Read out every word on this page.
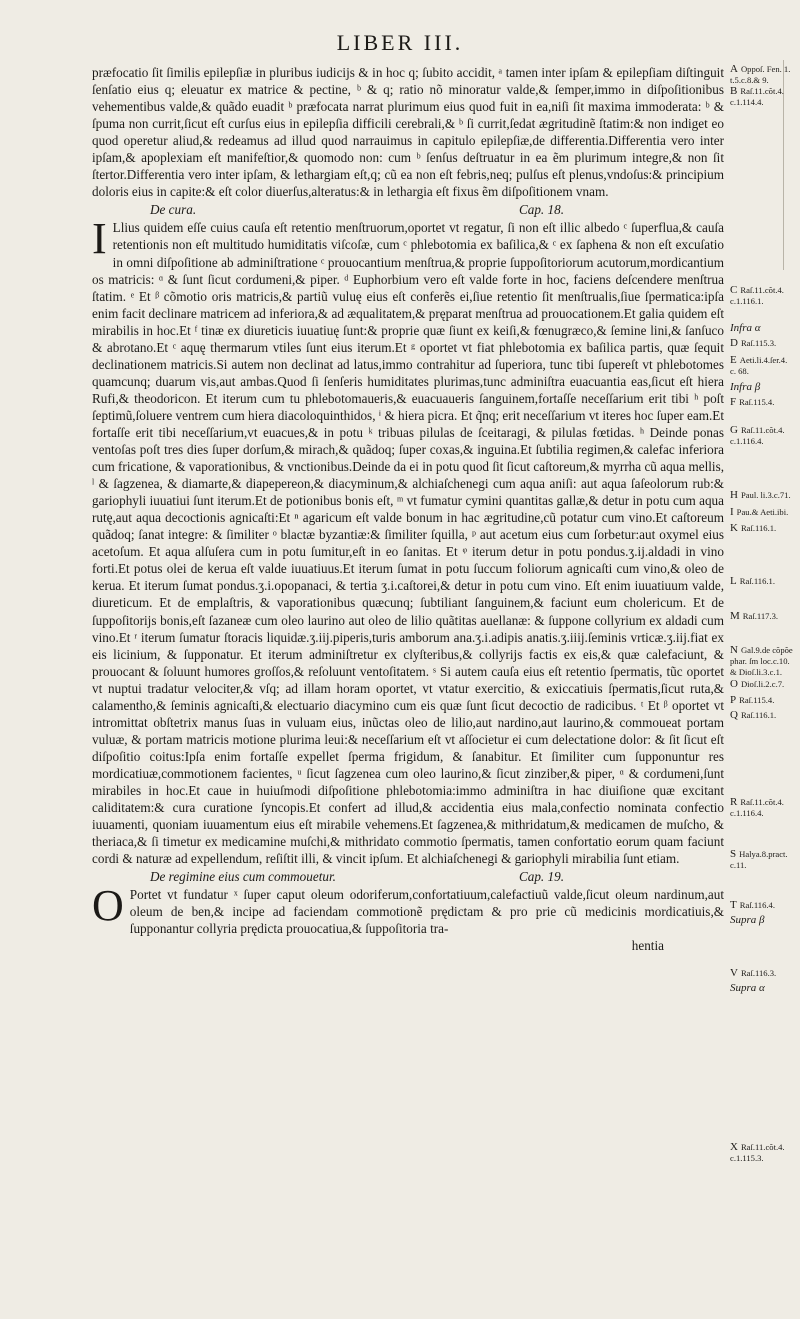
LIBER III.

præfocatio ſit ſimilis epilepſiæ in pluribus iudicijs & in hoc q; ſubito accidit, ᵃ tamen inter ipſam & epilepſiam diſtinguit ſenſatio eius q; eleuatur ex matrice & pectine, ᵇ & q; ratio nõ minoratur valde,& ſemper,immo in diſpoſitionibus vehementibus valde,& quãdo euadit ᵇ præfocata narrat plurimum eius quod fuit in ea,niſi ſit maxima immoderata: ᵇ & ſpuma non currit,ſicut eſt curſus eius in epilepſia difficili cerebrali,& ᵇ ſi currit,ſedat ægritudinẽ ſtatim:& non indiget eo quod operetur aliud,& redeamus ad illud quod narrauimus in capitulo epilepſiæ,de differentia.Differentia vero inter ipſam,& apoplexiam eſt manifeſtior,& quomodo non: cum ᵇ ſenſus deſtruatur in ea ẽm plurimum integre,& non ſit ſtertor.Differentia vero inter ipſam, & lethargiam eſt,q; cũ ea non eſt febris,neq; pulſus eſt plenus,vndoſus:& principium doloris eius in capite:& eſt color diuerſus,alteratus:& in lethargia eſt fixus ẽm diſpoſitionem vnam.

De cura.	Cap. 18.

I Llius quidem eſſe cuius cauſa eſt retentio menſtruorum,oportet vt regatur, ſi non eſt illic albedo ᶜ ſuperflua,& cauſa retentionis non eſt multitudo humiditatis viſcoſæ, cum ᶜ phlebotomia ex baſilica,& ᶜ ex ſaphena & non eſt excuſatio in omni diſpoſitione ab adminiſtratione ᶜ prouocantium menſtrua,& proprie ſuppoſitoriorum acutorum,mordicantium os matricis: ᵅ & ſunt ſicut cordumeni,& piper. ᵈ Euphorbium vero eſt valde forte in hoc, faciens deſcendere menſtrua ſtatim. ᵉ Et ᵝ cõmotio oris matricis,& partiũ vuluę eius eſt conferẽs ei,ſiue retentio ſit menſtrualis,ſiue ſpermatica:ipſa enim facit declinare matricem ad inferiora,& ad æqualitatem,& pręparat menſtrua ad prouocationem.Et galia quidem eſt mirabilis in hoc.Et ᶠ tinæ ex diureticis iuuatiuę ſunt:& proprie quæ ſiunt ex keiſi,& fœnugræco,& ſemine lini,& ſanſuco & abrotano.Et ᶜ aquę thermarum vtiles ſunt eius iterum.Et ᵍ oportet vt fiat phlebotomia ex baſilica partis, quæ ſequit declinationem matricis.Si autem non declinat ad latus,immo contrahitur ad ſuperiora, tunc tibi ſupereſt vt phlebotomes quamcunq; duarum vis,aut ambas.Quod ſi ſenſeris humiditates plurimas,tunc adminiſtra euacuantia eas,ſicut eſt hiera Rufi,& theodoricon. Et iterum cum tu phlebotomaueris,& euacuaueris ſanguinem,fortaſſe neceſſarium erit tibi ʰ poſt ſeptimũ,ſoluere ventrem cum hiera diacoloquinthidos, ⁱ & hiera picra. Et q̃nq; erit neceſſarium vt iteres hoc ſuper eam.Et fortaſſe erit tibi neceſſarium,vt euacues,& in potu ᵏ tribuas pilulas de ſceitaragi, & pilulas fœtidas. ʰ Deinde ponas ventoſas poſt tres dies ſuper dorſum,& mirach,& quãdoq; ſuper coxas,& inguina.Et ſubtilia regimen,& calefac inferiora cum fricatione, & vaporationibus, & vnctionibus.Deinde da ei in potu quod ſit ſicut caſtoreum,& myrrha cũ aqua mellis, ˡ & ſagzenea, & diamarte,& diapepereon,& diacyminum,& alchiaſchenegi cum aqua aniſi: aut aqua ſaſeolorum rub:& gariophyli iuuatiui ſunt iterum.Et de potionibus bonis eſt, ᵐ vt fumatur cymini quantitas gallæ,& detur in potu cum aqua rutę,aut aqua decoctionis agnicaſti:Et ⁿ agaricum eſt valde bonum in hac ægritudine,cũ potatur cum vino.Et caſtoreum quãdoq; ſanat integre: & ſimiliter ᵒ blactæ byzantiæ:& ſimiliter ſquilla, ᵖ aut acetum eius cum ſorbetur:aut oxymel eius acetoſum. Et aqua alſuſera cum in potu ſumitur,eſt in eo ſanitas. Et ᵠ iterum detur in potu pondus.ʒ.ij.aldadi in vino forti.Et potus olei de kerua eſt valde iuuatiuus.Et iterum ſumat in potu ſuccum foliorum agnicaſti cum vino,& oleo de kerua. Et iterum ſumat pondus.ʒ.i.opopanaci, & tertia ʒ.i.caſtorei,& detur in potu cum vino. Eſt enim iuuatiuum valde, diureticum. Et de emplaſtris, & vaporationibus quæcunq; ſubtiliant ſanguinem,& faciunt eum cholericum. Et de ſuppoſitorijs bonis,eſt ſazaneæ cum oleo laurino aut oleo de lilio quãtitas auellanæ: & ſuppone collyrium ex aldadi cum vino.Et ʳ iterum ſumatur ſtoracis liquidæ.ʒ.iij.piperis,turis amborum ana.ʒ.i.adipis anatis.ʒ.iiij.ſeminis vrticæ.ʒ.iij.fiat ex eis licinium, & ſupponatur. Et iterum adminiſtretur ex clyſteribus,& collyrijs factis ex eis,& quæ calefaciunt, & prouocant & ſoluunt humores groſſos,& reſoluunt ventoſitatem. ˢ Si autem cauſa eius eſt retentio ſpermatis, tũc oportet vt nuptui tradatur velociter,& vſq; ad illam horam oportet, vt vtatur exercitio, & exiccatiuis ſpermatis,ſicut ruta,& calamentho,& ſeminis agnicaſti,& electuario diacymino cum eis quæ ſunt ſicut decoctio de radicibus. ᵗ Et ᵝ oportet vt intromittat obſtetrix manus ſuas in vuluam eius, inũctas oleo de lilio,aut nardino,aut laurino,& commoueat portam vuluæ, & portam matricis motione plurima leui:& neceſſarium eſt vt aſſocietur ei cum delectatione dolor: & ſit ſicut eſt diſpoſitio coitus:Ipſa enim fortaſſe expellet ſperma frigidum, & ſanabitur. Et ſimiliter cum ſupponuntur res mordicatiuæ,commotionem facientes, ᵘ ſicut ſagzenea cum oleo laurino,& ſicut zinziber,& piper, ᵅ & cordumeni,ſunt mirabiles in hoc.Et caue in huiuſmodi diſpoſitione phlebotomia:immo adminiſtra in hac diuiſione quæ excitant caliditatem:& cura curatione ſyncopis.Et confert ad illud,& accidentia eius mala,confectio nominata confectio iuuamenti, quoniam iuuamentum eius eſt mirabile vehemens.Et ſagzenea,& mithridatum,& medicamen de muſcho, & theriaca,& ſi timetur ex medicamine muſchi,& mithridato commotio ſpermatis, tamen confortatio eorum quam faciunt cordi & naturæ ad expellendum, reſiſtit illi, & vincit ipſum. Et alchiaſchenegi & gariophyli mirabilia ſunt etiam.

De regimine eius cum commouetur.	Cap. 19.

O Portet vt fundatur ˣ ſuper caput oleum odoriferum,confortatiuum,calefactiuũ valde,ſicut oleum nardinum,aut oleum de ben,& incipe ad faciendam commotionẽ prędictam & pro prie cũ medicinis mordicatiuis,& ſupponantur collyria prędicta prouocatiua,& ſuppoſitoria tra-

hentia

A Oppoſ. Fen. 1.
t.5.c.8.& 9.
B Raſ.11.cõt.4.
c.1.114.4.
C Raſ.11.cõt.4.
c.1.116.1.
Infra α
D Raſ.115.3.
E Aeti.li.4.ſer.4.
c. 68.
Infra β
F Raſ.115.4.
G Raſ.11.cõt.4.
c.1.116.4.
H Paul. li.3.c.71.
I Pau.& Aeti.ibi.
K Raſ.116.1.
L Raſ.116.1.
M Raſ.117.3.
N Gal.9.de cõpõe
phar. ſm loc.c.10.
& Dioſ.li.3.c.1.
O Dioſ.li.2.c.7.
P Raſ.115.4.
Q Raſ.116.1.
R Raſ.11.cõt.4.
c.1.116.4.
S Halya.8.pract.
c.11.
T Raſ.116.4.
Supra β
V Raſ.116.3.
Supra α
X Raſ.11.cõt.4.
c.1.115.3.
